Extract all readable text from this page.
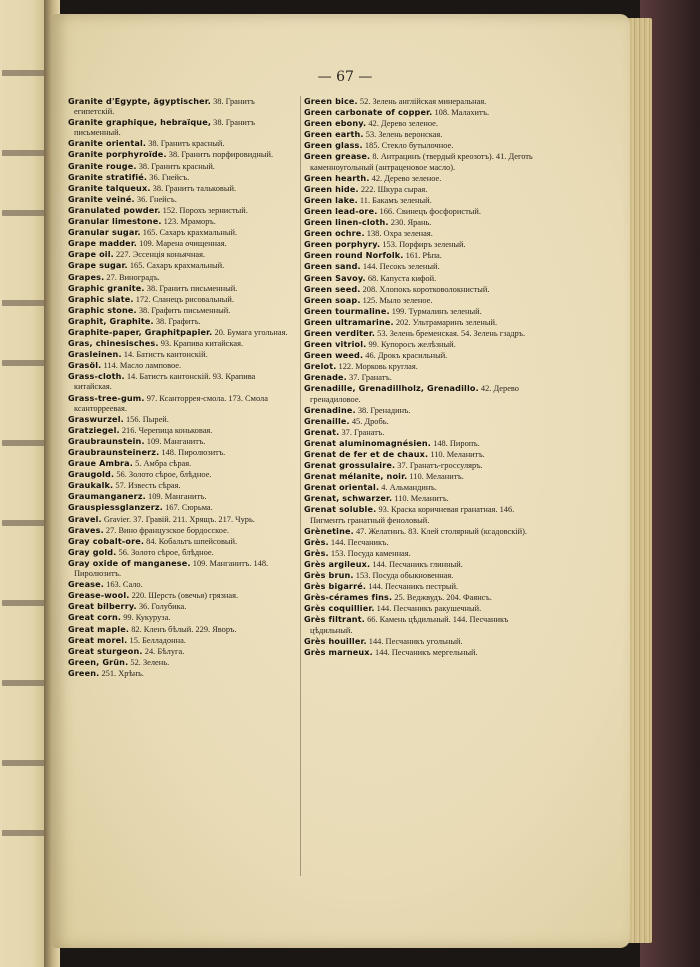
— 67 —

Granite d'Egypte, ägyptischer. 38. Гранитъ египетскій.

Granite graphique, hebraïque, 38. Гранитъ письменный.

Granite oriental. 38. Гранитъ красный.

Granite porphyroïde. 38. Гранитъ порфировидный.

Granite rouge. 38. Гранитъ красный.

Granite stratifié. 36. Гнейсъ.

Granite talqueux. 38. Гранитъ тальковый.

Granite veiné. 36. Гнейсъ.

Granulated powder. 152. Порохъ зернистый.

Granular limestone. 123. Мраморъ.

Granular sugar. 165. Сахаръ крахмальный.

Grape madder. 109. Марена очищенная.

Grape oil. 227. Эссенція коньячная.

Grape sugar. 165. Сахаръ крахмальный.

Grapes. 27. Виноградъ.

Graphic granite. 38. Гранитъ письменный.

Graphic slate. 172. Сланецъ рисовальный.

Graphic stone. 38. Графитъ письменный.

Graphit, Graphite. 38. Графитъ.

Graphite-paper, Graphitpapier. 20. Бумага угольная.

Gras, chinesisches. 93. Крапива китайская.

Grasleinen. 14. Батистъ кантонскій.

Grasöl. 114. Масло ламповое.

Grass-cloth. 14. Батистъ кантонскій. 93. Крапива китайская.

Grass-tree-gum. 97. Ксанторрея-смола. 173. Смола ксанторреевая.

Graswurzel. 156. Пырей.

Gratziegel. 216. Черепица коньковая.

Graubraunstein. 109. Манганитъ.

Graubraunsteinerz. 148. Пиролюзитъ.

Graue Ambra. 5. Амбра сѣрая.

Graugold. 56. Золото сѣрое, блѣдное.

Graukalk. 57. Известь сѣрая.

Graumanganerz. 109. Манганитъ.

Grauspiessglanzerz. 167. Сюрьма.

Gravel. Gravier. 37. Гравій. 211. Хрящъ. 217. Чурь.

Graves. 27. Вино французское бордосское.

Gray cobalt-ore. 84. Кобальтъ шпейсовый.

Gray gold. 56. Золото сѣрое, блѣдное.

Gray oxide of manganese. 109. Манганитъ. 148. Пиролюзитъ.

Grease. 163. Сало.

Grease-wool. 220. Шерсть (овечья) грязная.

Great bilberry. 36. Голубика.

Great corn. 99. Кукуруза.

Great maple. 82. Кленъ бѣлый. 229. Яворъ.

Great morel. 15. Белладонна.

Great sturgeon. 24. Бѣлуга.

Green, Grün. 52. Зелень.

Green. 251. Хрѣнъ.

Green bice. 52. Зелень англійская минеральная.

Green carbonate of copper. 108. Малахитъ.

Green ebony. 42. Дерево зеленое.

Green earth. 53. Зелень веронская.

Green glass. 185. Стекло бутылочное.

Green grease. 8. Антрацинъ (твердый креозотъ). 41. Деготь каменноугольный (антраценовое масло).

Green hearth. 42. Дерево зеленое.

Green hide. 222. Шкура сырая.

Green lake. 11. Бакамъ зеленый.

Green lead-ore. 166. Свинецъ фосфористый.

Green linen-cloth. 230. Ярань.

Green ochre. 138. Охра зеленая.

Green porphyry. 153. Порфиръ зеленый.

Green round Norfolk. 161. Рѣпа.

Green sand. 144. Песокъ зеленый.

Green Savoy. 68. Капуста кифой.

Green seed. 208. Хлопокъ коротковолокнистый.

Green soap. 125. Мыло зеленое.

Green tourmaline. 199. Турмалинъ зеленый.

Green ultramarine. 202. Ультрамаринъ зеленый.

Green verditer. 53. Зелень бременская. 54. Зелень гзадръ.

Green vitriol. 99. Купоросъ желѣзный.

Green weed. 46. Дрокъ красильный.

Grelot. 122. Морковь круглая.

Grenade. 37. Гранатъ.

Grenadille, Grenadillholz, Grenadillo. 42. Дерево гренадиловое.

Grenadine. 38. Гренадинъ.

Grenaille. 45. Дробь.

Grenat. 37. Гранатъ.

Grenat aluminomagnésien. 148. Пиропъ.

Grenat de fer et de chaux. 110. Меланитъ.

Grenat grossulaire. 37. Гранатъ-гроссуляръ.

Grenat mélanite, noir. 110. Меланитъ.

Grenat oriental. 4. Альмандинъ.

Grenat, schwarzer. 110. Меланитъ.

Grenat soluble. 93. Краска коричневая гранатная. 146. Пигментъ гранатный феноловый.

Grènetine. 47. Желатинъ. 83. Клей столярный (ксадовскій).

Grès. 144. Песчаникъ.

Grès. 153. Посуда каменная.

Grès argileux. 144. Песчаникъ глинный.

Grès brun. 153. Посуда обыкновенная.

Grès bigarré. 144. Песчаникъ пестрый.

Grès-cérames fins. 25. Веджвудъ. 204. Фаянсъ.

Grès coquillier. 144. Песчаникъ ракушечный.

Grès filtrant. 66. Камень цѣдильный. 144. Песчаникъ цѣдильный.

Grès houiller. 144. Песчаникъ угольный.

Grès marneux. 144. Песчаникъ мергельный.
